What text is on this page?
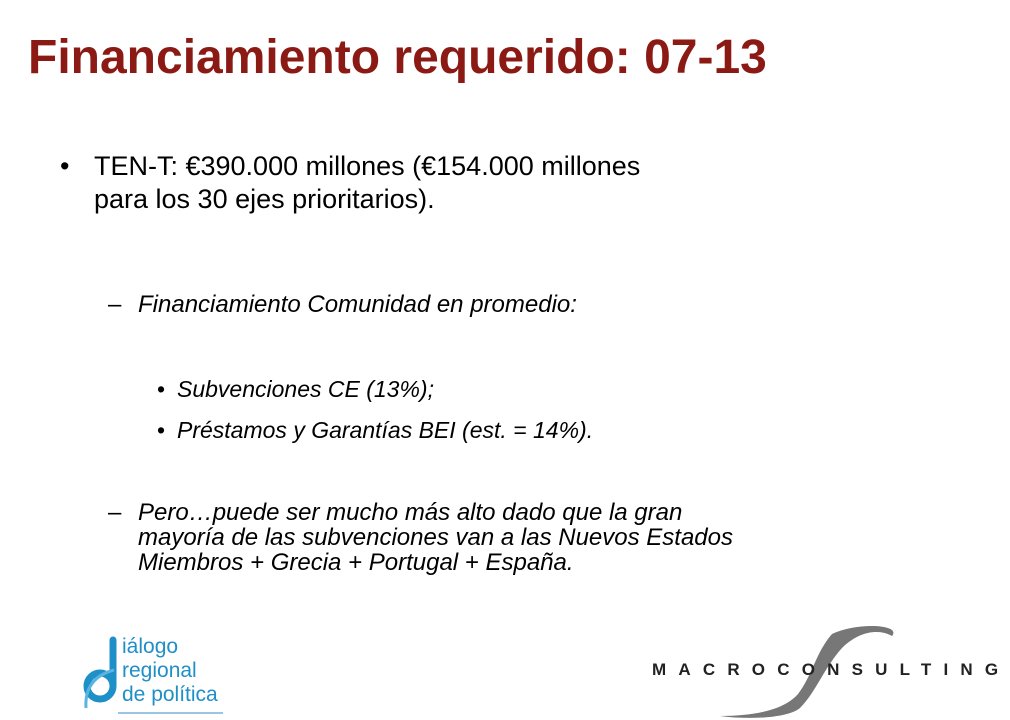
Financiamiento requerido: 07-13
• TEN-T: €390.000 millones (€154.000 millones
para los 30 ejes prioritarios).
– Financiamiento Comunidad en promedio:
• Subvenciones CE (13%);
• Préstamos y Garantías BEI (est. = 14%).
– Pero…puede ser mucho más alto dado que la gran
mayoría de las subvenciones van a las Nuevos Estados
Miembros + Grecia + Portugal + España.
iálogo
regional
de política
MACROCONSULTING
